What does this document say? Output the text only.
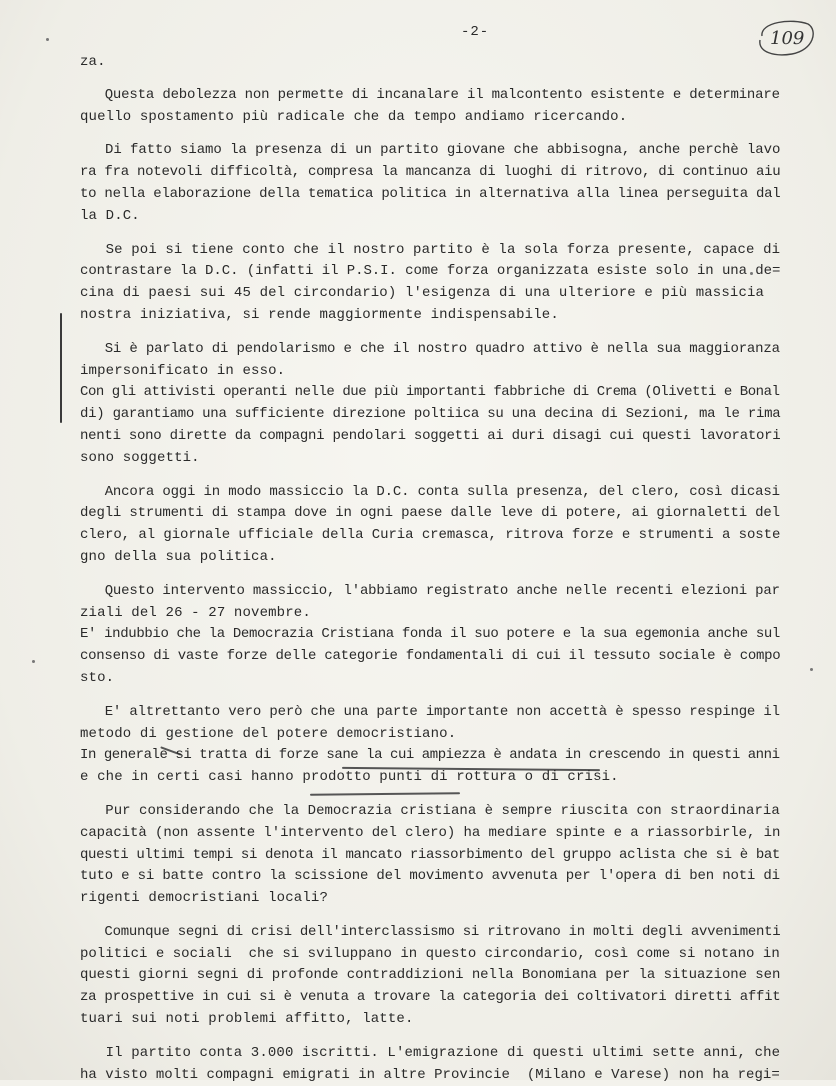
-2-	109
za.
Questa debolezza non permette di incanalare il malcontento esistente e determinare
quello spostamento più radicale che da tempo andiamo ricercando.
Di fatto siamo la presenza di un partito giovane che abbisogna, anche perchè lavo
ra fra notevoli difficoltà, compresa la mancanza di luoghi di ritrovo, di continuo aiu
to nella elaborazione della tematica politica in alternativa alla linea perseguita dal
la D.C.
Se poi si tiene conto che il nostro partito è la sola forza presente, capace di
contrastare la D.C. (infatti il P.S.I. come forza organizzata esiste solo in una de=
cina di paesi sui 45 del circondario) l'esigenza di una ulteriore e più massicia
nostra iniziativa, si rende maggiormente indispensabile.
Si è parlato di pendolarismo e che il nostro quadro attivo è nella sua maggioranza
impersonificato in esso.
Con gli attivisti operanti nelle due più importanti fabbriche di Crema (Olivetti e Bonal
di) garantiamo una sufficiente direzione poltiica su una decina di Sezioni, ma le rima
nenti sono dirette da compagni pendolari soggetti ai duri disagi cui questi lavoratori
sono soggetti.
Ancora oggi in modo massiccio la D.C. conta sulla presenza, del clero, così dicasi
degli strumenti di stampa dove in ogni paese dalle leve di potere, ai giornaletti del
clero, al giornale ufficiale della Curia cremasca, ritrova forze e strumenti a soste
gno della sua politica.
Questo intervento massiccio, l'abbiamo registrato anche nelle recenti elezioni par
ziali del 26 - 27 novembre.
E' indubbio che la Democrazia Cristiana fonda il suo potere e la sua egemonia anche sul
consenso di vaste forze delle categorie fondamentali di cui il tessuto sociale è compo
sto.
E' altrettanto vero però che una parte importante non accettà è spesso respinge il
metodo di gestione del potere democristiano.
In generale si tratta di forze sane la cui ampiezza è andata in crescendo in questi anni
e che in certi casi hanno prodotto punti di rottura o di crisi.
Pur considerando che la Democrazia cristiana è sempre riuscita con straordinaria
capacità (non assente l'intervento del clero) ha mediare spinte e a riassorbirle, in
questi ultimi tempi si denota il mancato riassorbimento del gruppo aclista che si è bat
tuto e si batte contro la scissione del movimento avvenuta per l'opera di ben noti di
rigenti democristiani locali?
Comunque segni di crisi dell'interclassismo si ritrovano in molti degli avvenimenti
politici e sociali  che si sviluppano in questo circondario, così come si notano in
questi giorni segni di profonde contraddizioni nella Bonomiana per la situazione sen
za prospettive in cui si è venuta a trovare la categoria dei coltivatori diretti affit
tuari sui noti problemi affitto, latte.
Il partito conta 3.000 iscritti. L'emigrazione di questi ultimi sette anni, che
ha visto molti compagni emigrati in altre Provincie  (Milano e Varese) non ha regi=
